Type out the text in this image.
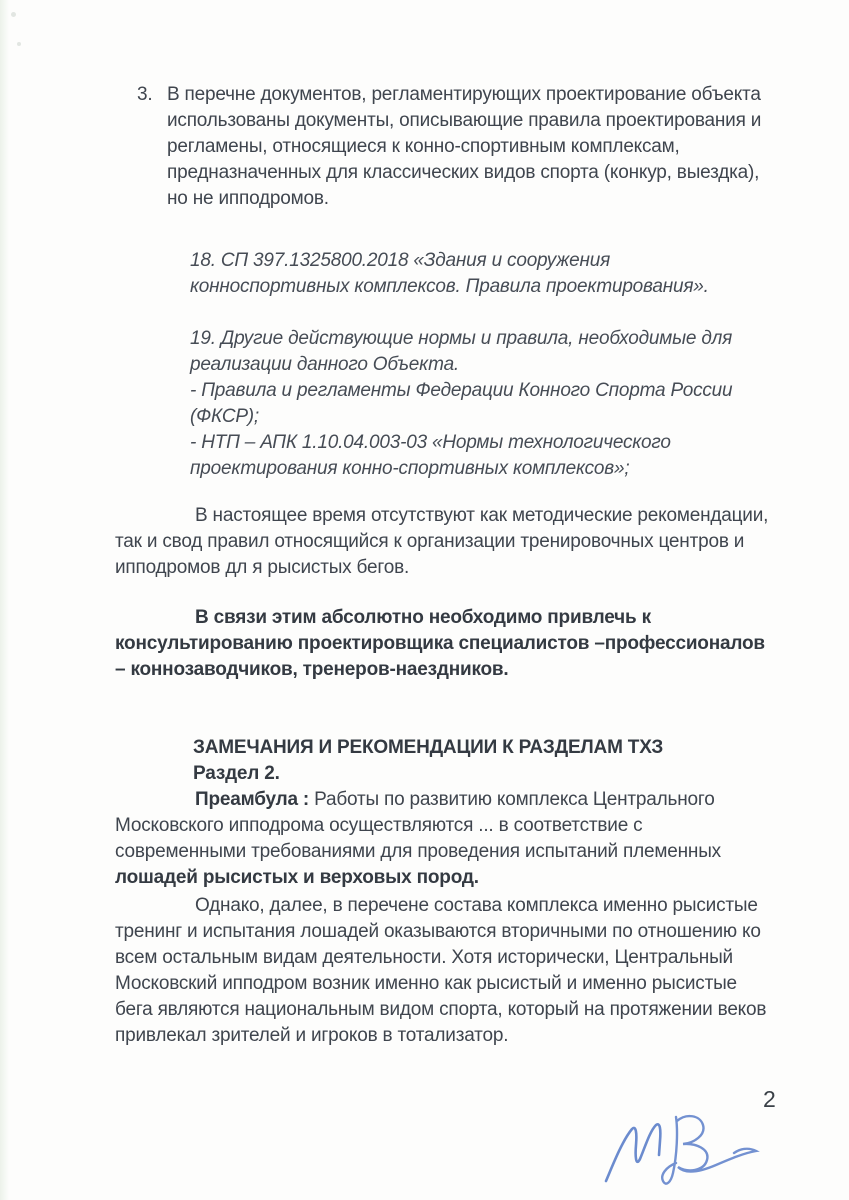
3. В перечне документов, регламентирующих проектирование объекта использованы документы, описывающие правила проектирования и регламены, относящиеся к конно-спортивным комплексам, предназначенных для классических видов спорта (конкур, выездка), но не ипподромов.
18. СП 397.1325800.2018 «Здания и сооружения конноспортивных комплексов. Правила проектирования».
19. Другие действующие нормы и правила, необходимые для реализации данного Объекта.
- Правила и регламенты Федерации Конного Спорта России (ФКСР);
- НТП – АПК 1.10.04.003-03 «Нормы технологического проектирования конно-спортивных комплексов»;

В настоящее время отсутствуют как методические рекомендации, так и свод правил относящийся к организации тренировочных центров и ипподромов дл я рысистых бегов.

В связи этим абсолютно необходимо привлечь к консультированию проектировщика специалистов –профессионалов – коннозаводчиков, тренеров-наездников.

ЗАМЕЧАНИЯ И РЕКОМЕНДАЦИИ К РАЗДЕЛАМ ТХЗ
Раздел 2.

Преамбула : Работы по развитию комплекса Центрального Московского ипподрома осуществляются ... в соответствие с современными требованиями для проведения испытаний племенных лошадей рысистых и верховых пород.

Однако, далее, в перечене состава комплекса именно рысистые тренинг и испытания лошадей оказываются вторичными по отношению ко всем остальным видам деятельности. Хотя исторически, Центральный Московский ипподром возник именно как рысистый и именно рысистые бега являются национальным видом спорта, который на протяжении веков привлекал зрителей и игроков в тотализатор.

2
